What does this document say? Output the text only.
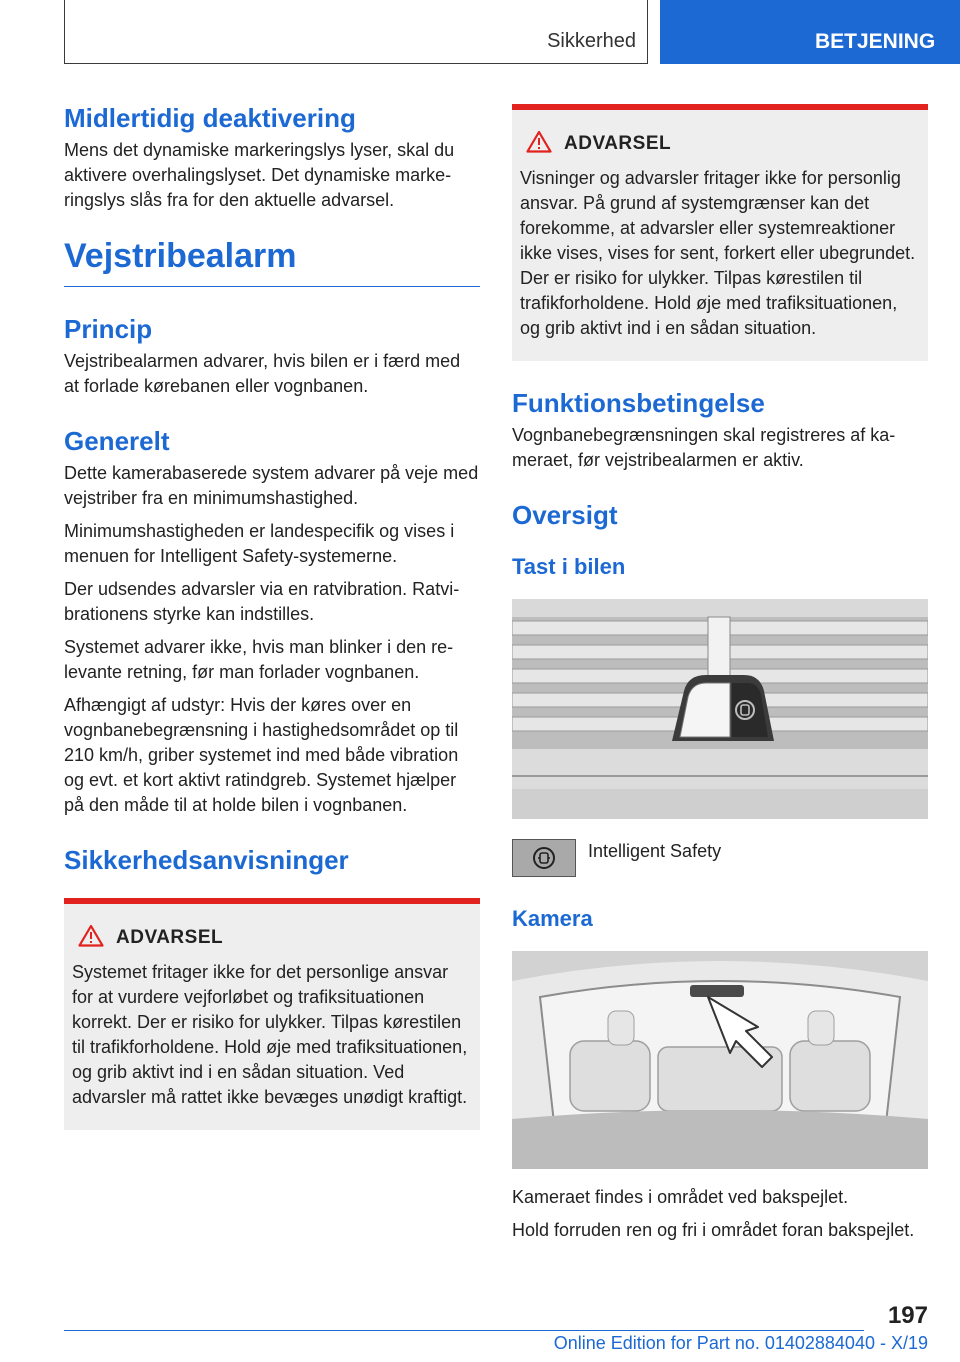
Sikkerhed	BETJENING
Midlertidig deaktivering

Mens det dynamiske markeringslys lyser, skal du aktivere overhalingslyset. Det dynamiske markeringslys slås fra for den aktuelle advarsel.

Vejstribealarm
Princip

Vejstribealarmen advarer, hvis bilen er i færd med at forlade kørebanen eller vognbanen.

Generelt

Dette kamerabaserede system advarer på veje med vejstriber fra en minimumshastighed.

Minimumshastigheden er landespecifik og vises i menuen for Intelligent Safety-systemerne.

Der udsendes advarsler via en ratvibration. Ratvibrationens styrke kan indstilles.

Systemet advarer ikke, hvis man blinker i den relevante retning, før man forlader vognbanen.

Afhængigt af udstyr: Hvis der køres over en vognbanebegrænsning i hastighedsområdet op til 210 km/h, griber systemet ind med både vibration og evt. et kort aktivt ratindgreb. Systemet hjælper på den måde til at holde bilen i vognbanen.

Sikkerhedsanvisninger
ADVARSEL

Systemet fritager ikke for det personlige ansvar for at vurdere vejforløbet og trafiksituationen korrekt. Der er risiko for ulykker. Tilpas kørestilen til trafikforholdene. Hold øje med trafiksituationen, og grib aktivt ind i en sådan situation. Ved advarsler må rattet ikke bevæges unødigt kraftigt.

ADVARSEL

Visninger og advarsler fritager ikke for personlig ansvar. På grund af systemgrænser kan det forekomme, at advarsler eller systemreaktioner ikke vises, vises for sent, forkert eller ubegrundet. Der er risiko for ulykker. Tilpas kørestilen til trafikforholdene. Hold øje med trafiksituationen, og grib aktivt ind i en sådan situation.

Funktionsbetingelse

Vognbanebegrænsningen skal registreres af kameraet, før vejstribealarmen er aktiv.

Oversigt
Tast i bilen

Intelligent Safety

Kamera

Kameraet findes i området ved bakspejlet.

Hold forruden ren og fri i området foran bakspejlet.

197
Online Edition for Part no. 01402884040 - X/19
